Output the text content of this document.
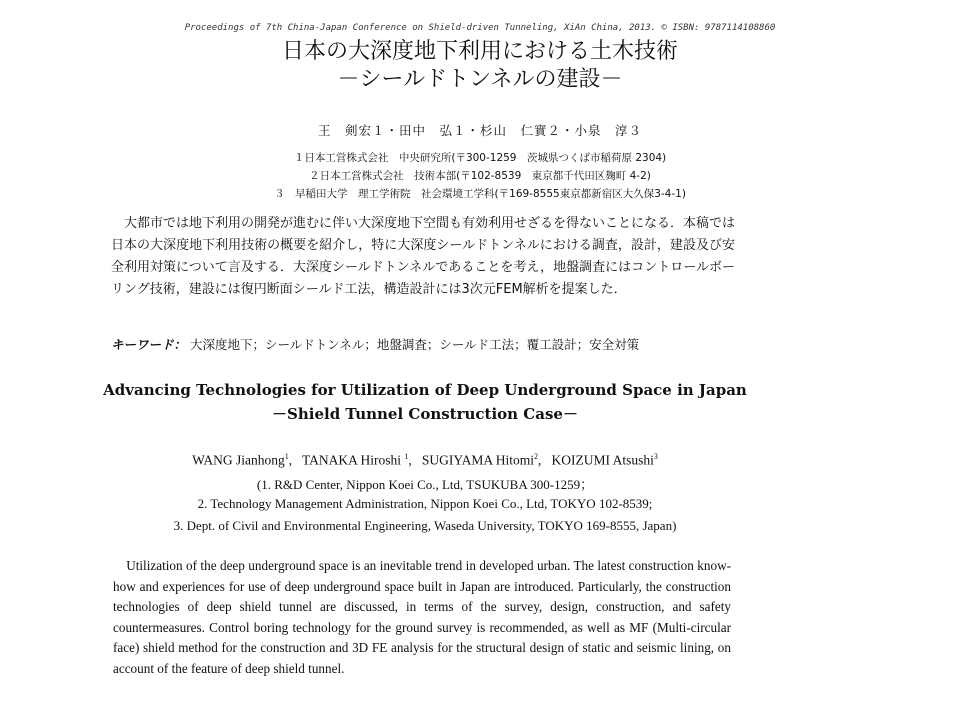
Proceedings of 7th China-Japan Conference on Shield-driven Tunneling, XiAn China, 2013. © ISBN: 9787114108860
日本の大深度地下利用における土木技術
－シールドトンネルの建設－
王　剣宏１・田中　弘１・杉山　仁實２・小泉　淳３
１日本工営株式会社　中央研究所(〒300-1259　茨城県つくば市稲荷原 2304)
２日本工営株式会社　技術本部(〒102-8539　東京都千代田区麹町 4-2)
３　早稲田大学　理工学術院　社会環境工学科(〒169-8555東京都新宿区大久保3-4-1)
大都市では地下利用の開発が進むに伴い大深度地下空間も有効利用せざるを得ないことになる．本稿では日本の大深度地下利用技術の概要を紹介し，特に大深度シールドトンネルにおける調査，設計，建設及び安全利用対策について言及する．大深度シールドトンネルであることを考え，地盤調査にはコントロールボーリング技術，建設には復円断面シールド工法，構造設計には3次元FEM解析を提案した．
キーワード： 大深度地下；シールドトンネル；地盤調査；シールド工法；覆工設計；安全対策
Advancing Technologies for Utilization of Deep Underground Space in Japan
－Shield Tunnel Construction Case－
WANG Jianhong$^1$,   TANAKA Hiroshi $^1$,   SUGIYAMA Hitomi$^2$,   KOIZUMI Atsushi$^3$
(1. R&D Center, Nippon Koei Co., Ltd, TSUKUBA 300-1259；
2. Technology Management Administration, Nippon Koei Co., Ltd, TOKYO 102-8539;
3. Dept. of Civil and Environmental Engineering, Waseda University, TOKYO 169-8555, Japan)
Utilization of the deep underground space is an inevitable trend in developed urban. The latest construction know-how and experiences for use of deep underground space built in Japan are introduced. Particularly, the construction technologies of deep shield tunnel are discussed, in terms of the survey, design, construction, and safety countermeasures. Control boring technology for the ground survey is recommended, as well as MF (Multi-circular face) shield method for the construction and 3D FE analysis for the structural design of static and seismic lining, on account of the feature of deep shield tunnel.
